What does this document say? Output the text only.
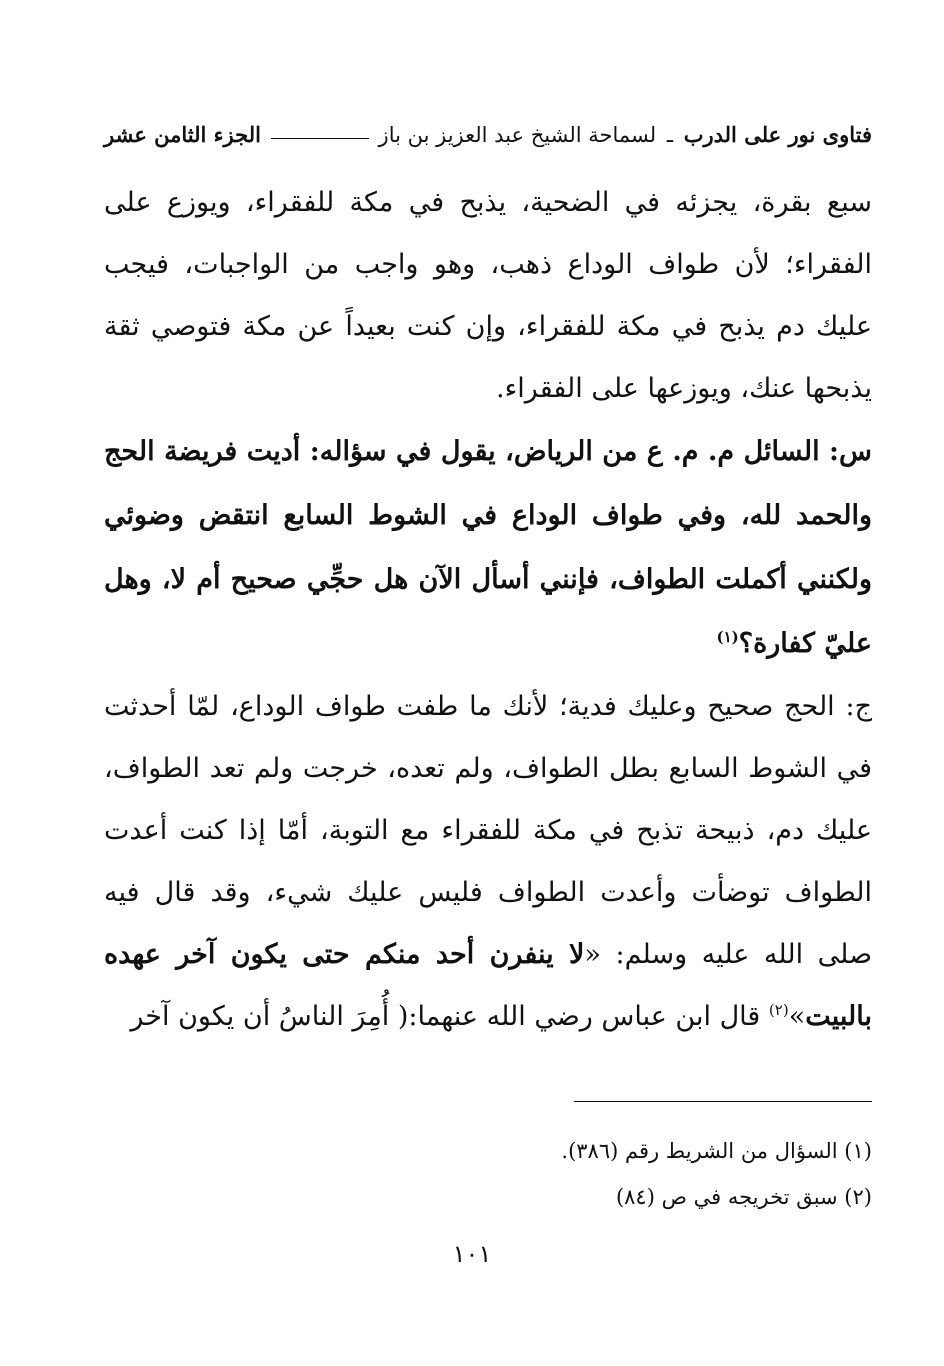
فتاوى نور على الدرب ـ لسماحة الشيخ عبد العزيز بن باز
الجزء الثامن عشر

سبع بقرة، يجزئه في الضحية، يذبح في مكة للفقراء، ويوزع على الفقراء؛ لأن طواف الوداع ذهب، وهو واجب من الواجبات، فيجب عليك دم يذبح في مكة للفقراء، وإن كنت بعيداً عن مكة فتوصي ثقة يذبحها عنك، ويوزعها على الفقراء.

س: السائل م. م. ع من الرياض، يقول في سؤاله: أديت فريضة الحج والحمد لله، وفي طواف الوداع في الشوط السابع انتقض وضوئي ولكنني أكملت الطواف، فإنني أسأل الآن هل حجِّي صحيح أم لا، وهل عليّ كفارة؟$^{(١)}$

ج: الحج صحيح وعليك فدية؛ لأنك ما طفت طواف الوداع، لمّا أحدثت في الشوط السابع بطل الطواف، ولم تعده، خرجت ولم تعد الطواف، عليك دم، ذبيحة تذبح في مكة للفقراء مع التوبة، أمّا إذا كنت أعدت الطواف توضأت وأعدت الطواف فليس عليك شيء، وقد قال فيه صلى الله عليه وسلم: «لا ينفرن أحد منكم حتى يكون آخر عهده بالبيت»$^{(٢)}$ قال ابن عباس رضي الله عنهما:( أُمِرَ الناسُ أن يكون آخر

(١) السؤال من الشريط رقم (٣٨٦).
(٢) سبق تخريجه في ص (٨٤)
١٠١
